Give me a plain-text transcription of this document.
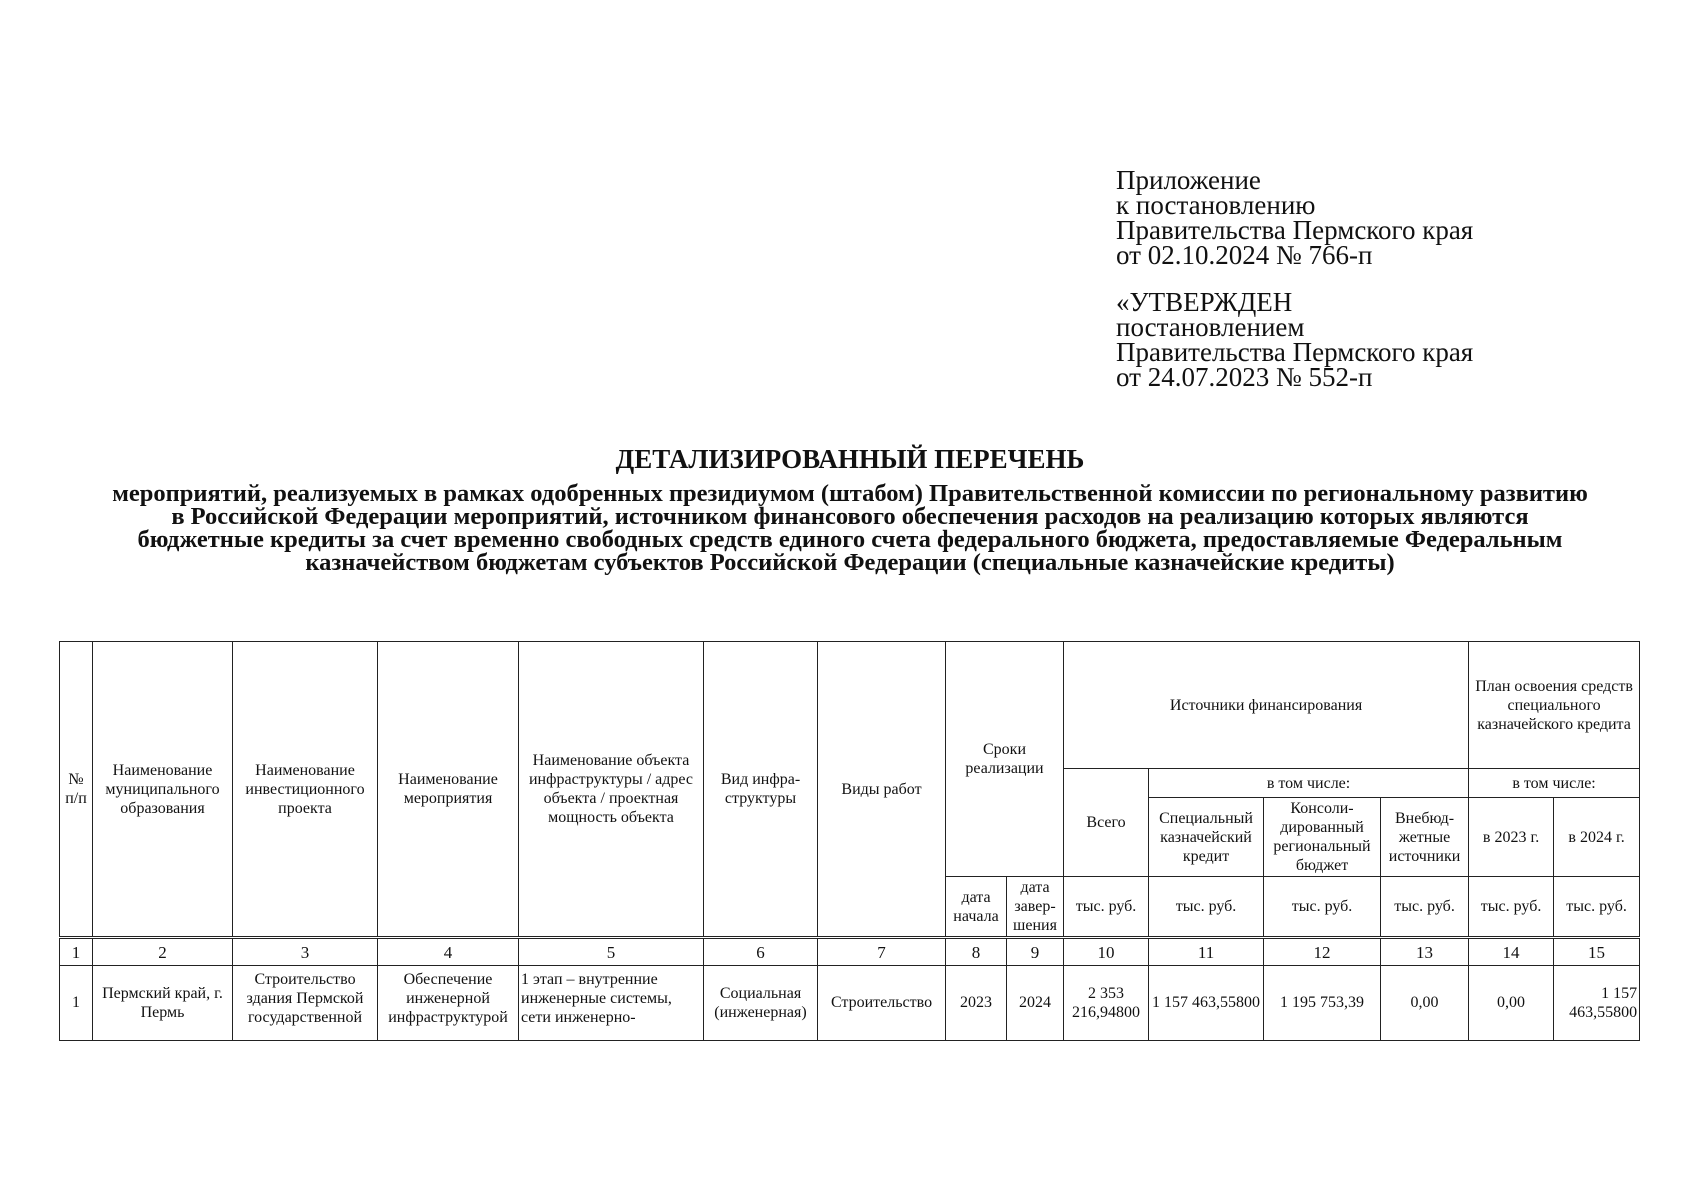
Приложение
к постановлению
Правительства Пермского края
от 02.10.2024 № 766-п
«УТВЕРЖДЕН
постановлением
Правительства Пермского края
от 24.07.2023 № 552-п
ДЕТАЛИЗИРОВАННЫЙ ПЕРЕЧЕНЬ

мероприятий, реализуемых в рамках одобренных президиумом (штабом) Правительственной комиссии по региональному развитию в Российской Федерации мероприятий, источником финансового обеспечения расходов на реализацию которых являются бюджетные кредиты за счет временно свободных средств единого счета федерального бюджета, предоставляемые Федеральным казначейством бюджетам субъектов Российской Федерации (специальные казначейские кредиты)

№ п/п	Наименование муниципального образования	Наименование инвестиционного проекта	Наименование мероприятия	Наименование объекта инфраструктуры / адрес объекта / проектная мощность объекта	Вид инфра-структуры	Виды работ	Сроки реализации		Источники финансирования				План освоения средств специального казначейского кредита	
									Всего	в том числе:			в том числе:	
										Специальный казначейский кредит	Консоли-дированный региональный бюджет	Внебюд-жетные источники	в 2023 г.	в 2024 г.
							дата начала	дата завер-шения	тыс. руб.	тыс. руб.	тыс. руб.	тыс. руб.	тыс. руб.	тыс. руб.
1	2	3	4	5	6	7	8	9	10	11	12	13	14	15
1	Пермский край, г. Пермь	Строительство здания Пермской государственной	Обеспечение инженерной инфраструктурой	1 этап – внутренние инженерные системы, сети инженерно-	Социальная (инженерная)	Строительство	2023	2024	2 353 216,94800	1 157 463,55800	1 195 753,39	0,00	0,00	1 157 463,55800
